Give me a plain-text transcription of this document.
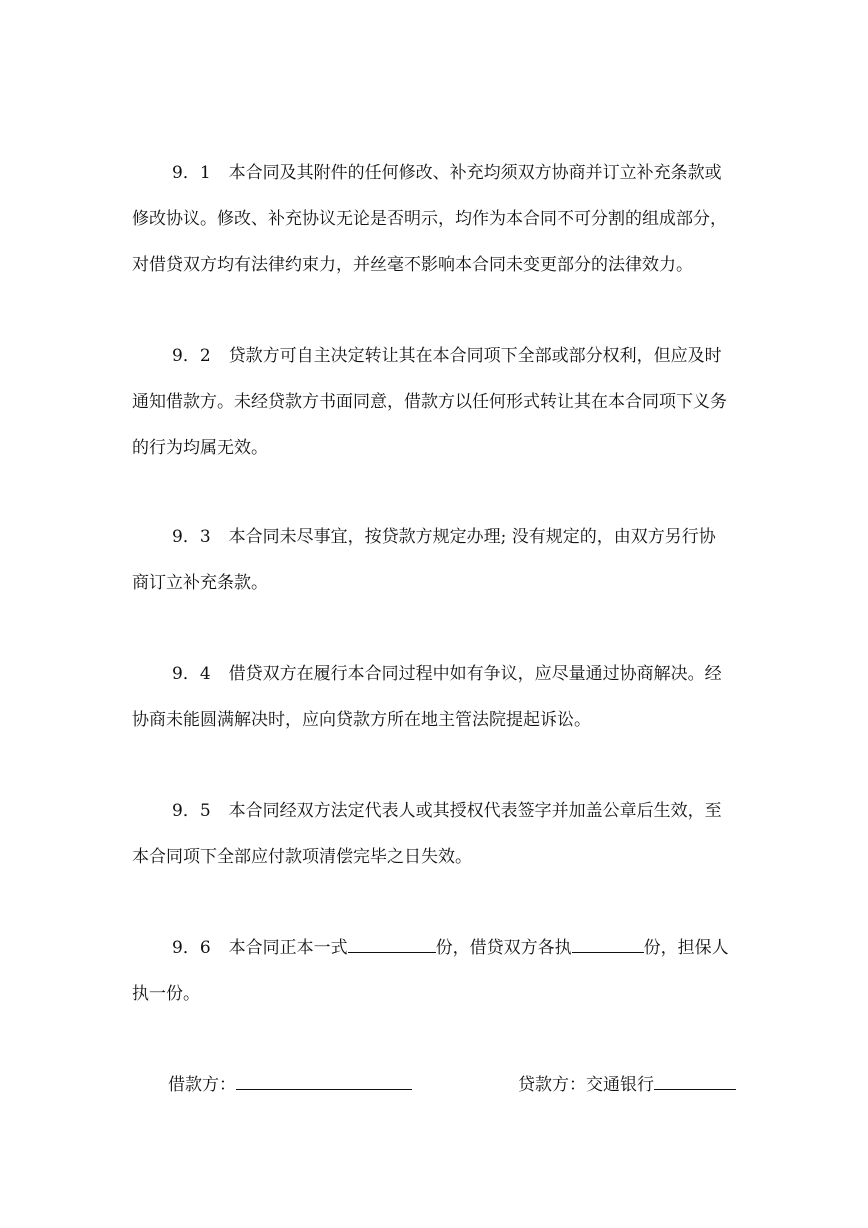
9．1 本合同及其附件的任何修改、补充均须双方协商并订立补充条款或
修改协议。修改、补充协议无论是否明示，均作为本合同不可分割的组成部分，
对借贷双方均有法律约束力，并丝毫不影响本合同未变更部分的法律效力。
9．2 贷款方可自主决定转让其在本合同项下全部或部分权利，但应及时
通知借款方。未经贷款方书面同意，借款方以任何形式转让其在本合同项下义务
的行为均属无效。
9．3 本合同未尽事宜，按贷款方规定办理; 没有规定的，由双方另行协
商订立补充条款。
9．4 借贷双方在履行本合同过程中如有争议，应尽量通过协商解决。经
协商未能圆满解决时，应向贷款方所在地主管法院提起诉讼。
9．5 本合同经双方法定代表人或其授权代表签字并加盖公章后生效，至
本合同项下全部应付款项清偿完毕之日失效。
9．6 本合同正本一式	份，借贷双方各执	份，担保人
执一份。
借款方：	贷款方：交通银行
